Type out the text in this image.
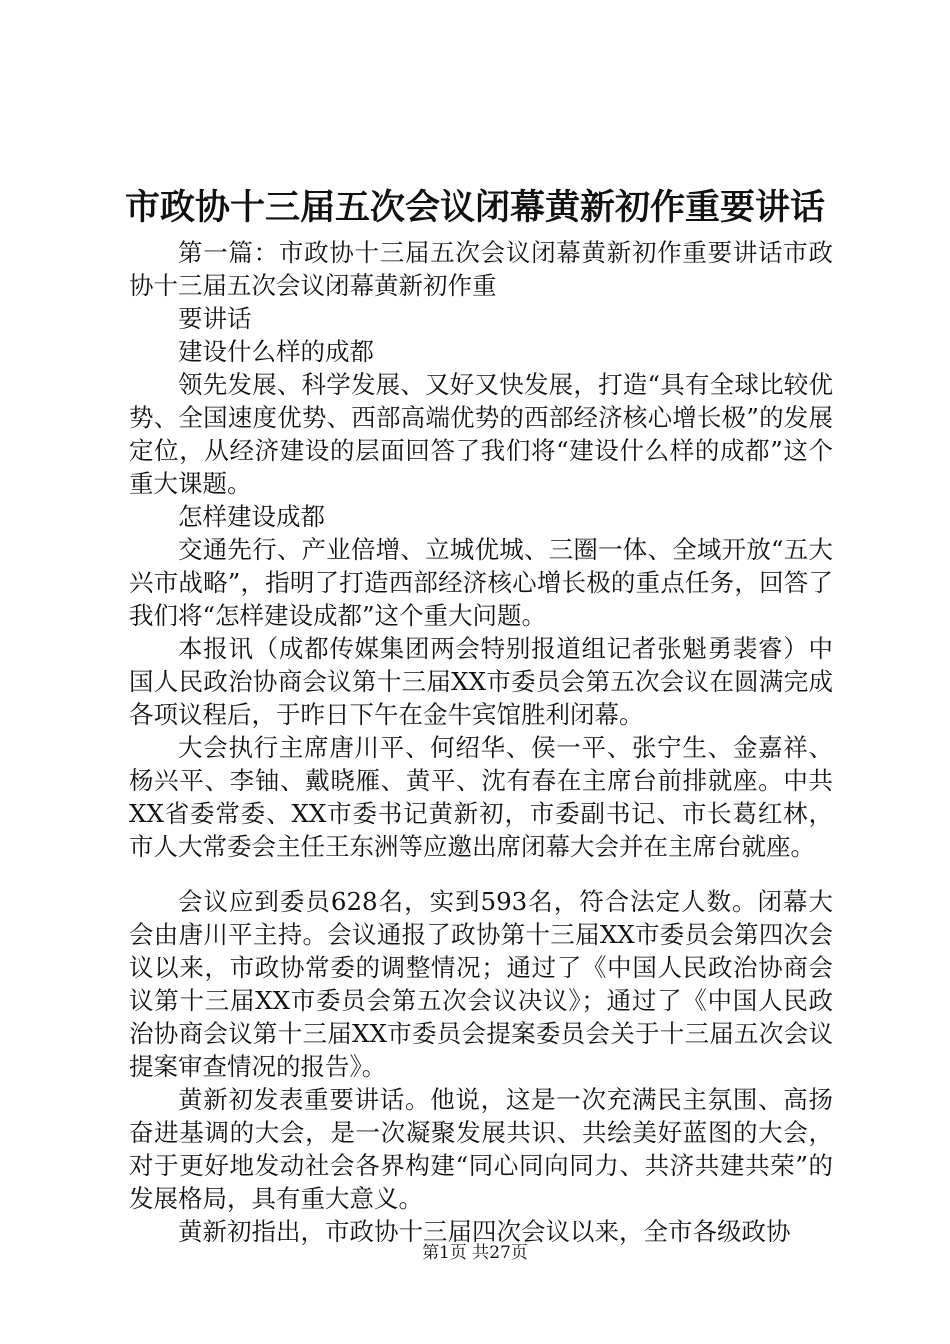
市政协十三届五次会议闭幕黄新初作重要讲话

第一篇：市政协十三届五次会议闭幕黄新初作重要讲话市政协十三届五次会议闭幕黄新初作重

要讲话

建设什么样的成都

领先发展、科学发展、又好又快发展，打造“具有全球比较优势、全国速度优势、西部高端优势的西部经济核心增长极”的发展定位，从经济建设的层面回答了我们将“建设什么样的成都”这个重大课题。

怎样建设成都

交通先行、产业倍增、立城优城、三圈一体、全域开放“五大兴市战略”，指明了打造西部经济核心增长极的重点任务，回答了我们将“怎样建设成都”这个重大问题。

本报讯（成都传媒集团两会特别报道组记者张魁勇裴睿）中国人民政治协商会议第十三届XX市委员会第五次会议在圆满完成各项议程后，于昨日下午在金牛宾馆胜利闭幕。

大会执行主席唐川平、何绍华、侯一平、张宁生、金嘉祥、杨兴平、李铀、戴晓雁、黄平、沈有春在主席台前排就座。中共XX省委常委、XX市委书记黄新初，市委副书记、市长葛红林，市人大常委会主任王东洲等应邀出席闭幕大会并在主席台就座。

会议应到委员628名，实到593名，符合法定人数。闭幕大会由唐川平主持。会议通报了政协第十三届XX市委员会第四次会议以来，市政协常委的调整情况；通过了《中国人民政治协商会议第十三届XX市委员会第五次会议决议》；通过了《中国人民政治协商会议第十三届XX市委员会提案委员会关于十三届五次会议提案审查情况的报告》。

黄新初发表重要讲话。他说，这是一次充满民主氛围、高扬奋进基调的大会，是一次凝聚发展共识、共绘美好蓝图的大会，对于更好地发动社会各界构建“同心同向同力、共济共建共荣”的发展格局，具有重大意义。

黄新初指出，市政协十三届四次会议以来，全市各级政协

第1页 共27页
